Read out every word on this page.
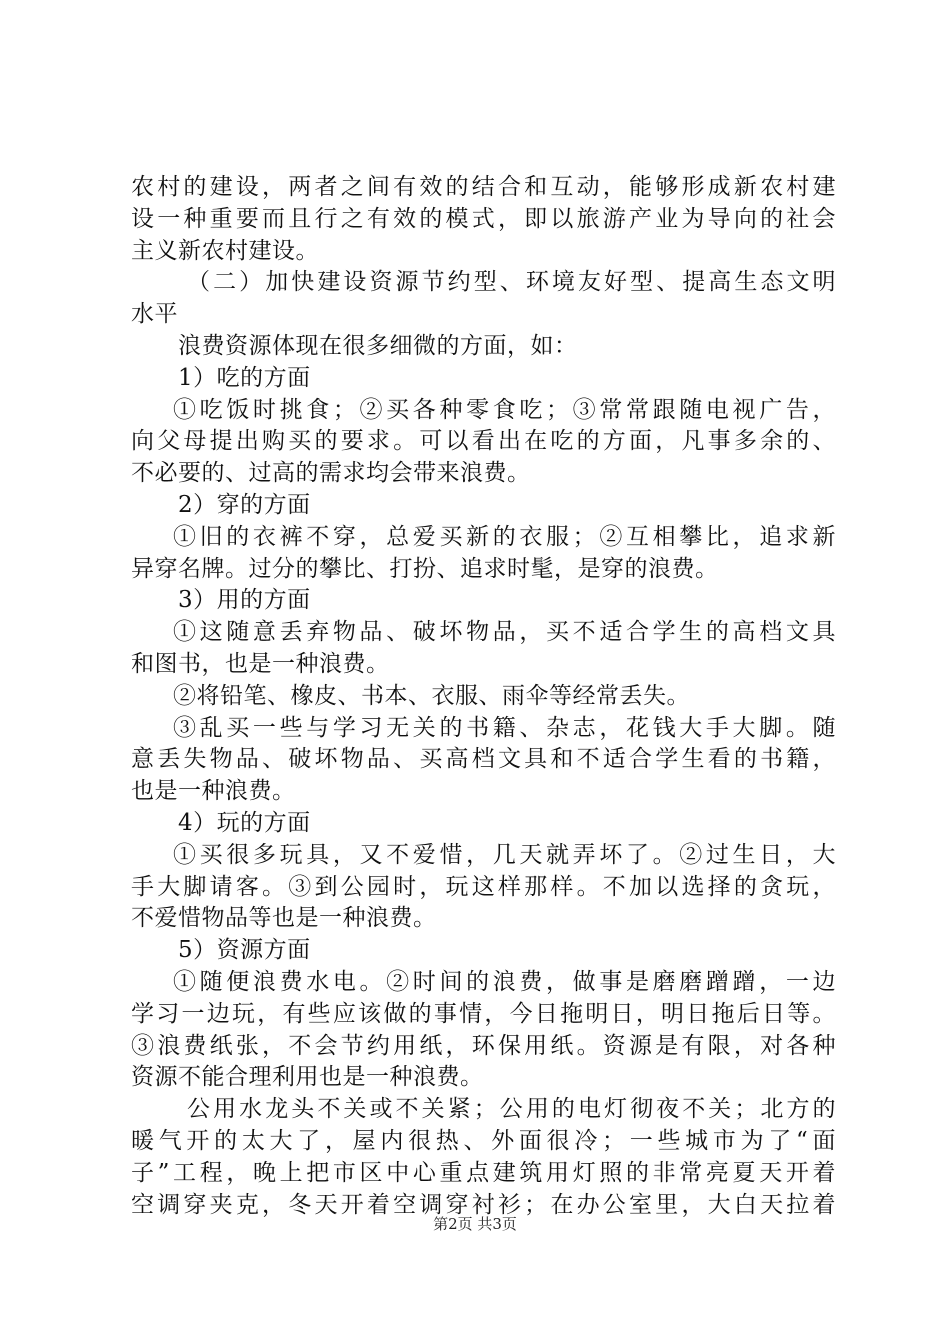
农村的建设，两者之间有效的结合和互动，能够形成新农村建
设一种重要而且行之有效的模式，即以旅游产业为导向的社会
主义新农村建设。
（二）加快建设资源节约型、环境友好型、提高生态文明
水平
浪费资源体现在很多细微的方面，如：
1）吃的方面
①吃饭时挑食；②买各种零食吃；③常常跟随电视广告，
向父母提出购买的要求。可以看出在吃的方面，凡事多余的、
不必要的、过高的需求均会带来浪费。
2）穿的方面
①旧的衣裤不穿，总爱买新的衣服；②互相攀比，追求新
异穿名牌。过分的攀比、打扮、追求时髦，是穿的浪费。
3）用的方面
①这随意丢弃物品、破坏物品，买不适合学生的高档文具
和图书，也是一种浪费。
②将铅笔、橡皮、书本、衣服、雨伞等经常丢失。
③乱买一些与学习无关的书籍、杂志，花钱大手大脚。随
意丢失物品、破坏物品、买高档文具和不适合学生看的书籍，
也是一种浪费。
4）玩的方面
①买很多玩具，又不爱惜，几天就弄坏了。②过生日，大
手大脚请客。③到公园时，玩这样那样。不加以选择的贪玩，
不爱惜物品等也是一种浪费。
5）资源方面
①随便浪费水电。②时间的浪费，做事是磨磨蹭蹭，一边
学习一边玩，有些应该做的事情，今日拖明日，明日拖后日等。
③浪费纸张，不会节约用纸，环保用纸。资源是有限，对各种
资源不能合理利用也是一种浪费。
公用水龙头不关或不关紧；公用的电灯彻夜不关；北方的
暖气开的太大了，屋内很热、外面很冷；一些城市为了“面
子”工程，晚上把市区中心重点建筑用灯照的非常亮夏天开着
空调穿夹克，冬天开着空调穿衬衫；在办公室里，大白天拉着
第2页 共3页
